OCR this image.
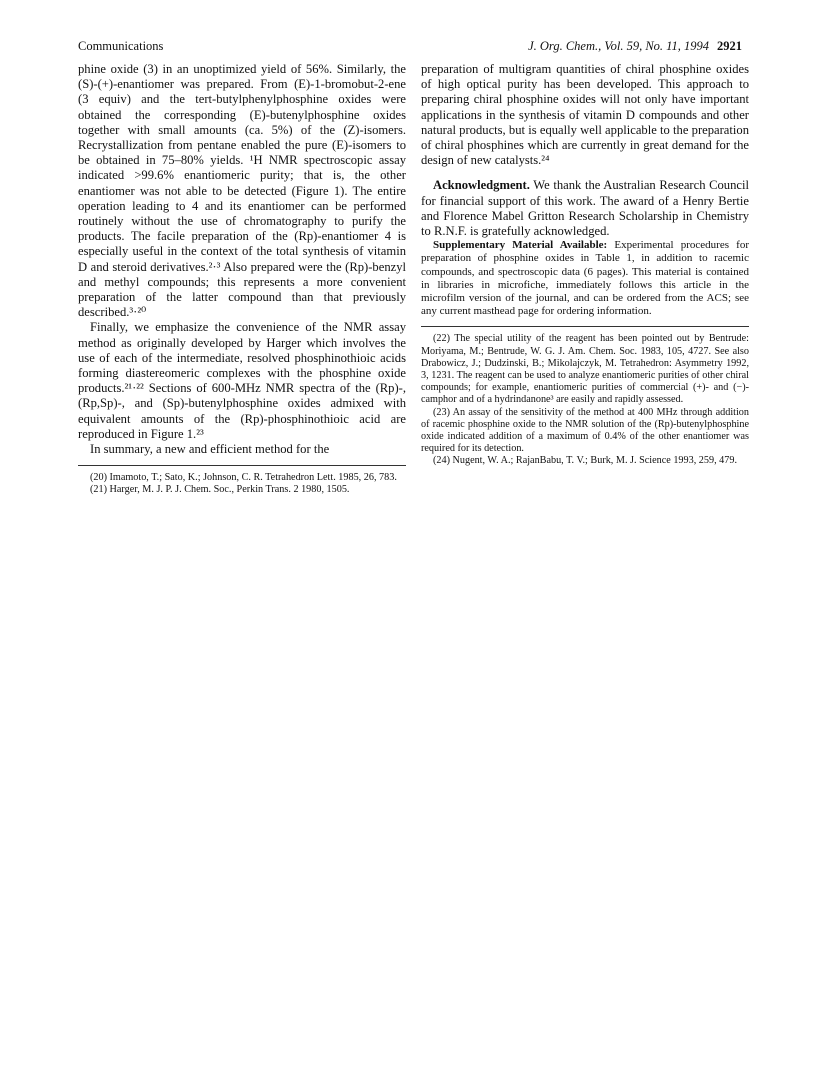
Communications	J. Org. Chem., Vol. 59, No. 11, 1994 2921

phine oxide (3) in an unoptimized yield of 56%. Similarly, the (S)-(+)-enantiomer was prepared. From (E)-1-bromobut-2-ene (3 equiv) and the tert-butylphenylphosphine oxides were obtained the corresponding (E)-butenylphosphine oxides together with small amounts (ca. 5%) of the (Z)-isomers. Recrystallization from pentane enabled the pure (E)-isomers to be obtained in 75–80% yields. ¹H NMR spectroscopic assay indicated >99.6% enantiomeric purity; that is, the other enantiomer was not able to be detected (Figure 1). The entire operation leading to 4 and its enantiomer can be performed routinely without the use of chromatography to purify the products. The facile preparation of the (Rp)-enantiomer 4 is especially useful in the context of the total synthesis of vitamin D and steroid derivatives.²·³ Also prepared were the (Rp)-benzyl and methyl compounds; this represents a more convenient preparation of the latter compound than that previously described.³·²⁰

Finally, we emphasize the convenience of the NMR assay method as originally developed by Harger which involves the use of each of the intermediate, resolved phosphinothioic acids forming diastereomeric complexes with the phosphine oxide products.²¹·²² Sections of 600-MHz NMR spectra of the (Rp)-, (Rp,Sp)-, and (Sp)-butenylphosphine oxides admixed with equivalent amounts of the (Rp)-phosphinothioic acid are reproduced in Figure 1.²³

In summary, a new and efficient method for the

(20) Imamoto, T.; Sato, K.; Johnson, C. R. Tetrahedron Lett. 1985, 26, 783.

(21) Harger, M. J. P. J. Chem. Soc., Perkin Trans. 2 1980, 1505.

preparation of multigram quantities of chiral phosphine oxides of high optical purity has been developed. This approach to preparing chiral phosphine oxides will not only have important applications in the synthesis of vitamin D compounds and other natural products, but is equally well applicable to the preparation of chiral phosphines which are currently in great demand for the design of new catalysts.²⁴

Acknowledgment. We thank the Australian Research Council for financial support of this work. The award of a Henry Bertie and Florence Mabel Gritton Research Scholarship in Chemistry to R.N.F. is gratefully acknowledged.

Supplementary Material Available: Experimental procedures for preparation of phosphine oxides in Table 1, in addition to racemic compounds, and spectroscopic data (6 pages). This material is contained in libraries in microfiche, immediately follows this article in the microfilm version of the journal, and can be ordered from the ACS; see any current masthead page for ordering information.

(22) The special utility of the reagent has been pointed out by Bentrude: Moriyama, M.; Bentrude, W. G. J. Am. Chem. Soc. 1983, 105, 4727. See also Drabowicz, J.; Dudzinski, B.; Mikolajczyk, M. Tetrahedron: Asymmetry 1992, 3, 1231. The reagent can be used to analyze enantiomeric purities of other chiral compounds; for example, enantiomeric purities of commercial (+)- and (−)-camphor and of a hydrindanone³ are easily and rapidly assessed.

(23) An assay of the sensitivity of the method at 400 MHz through addition of racemic phosphine oxide to the NMR solution of the (Rp)-butenylphosphine oxide indicated addition of a maximum of 0.4% of the other enantiomer was required for its detection.

(24) Nugent, W. A.; RajanBabu, T. V.; Burk, M. J. Science 1993, 259, 479.
